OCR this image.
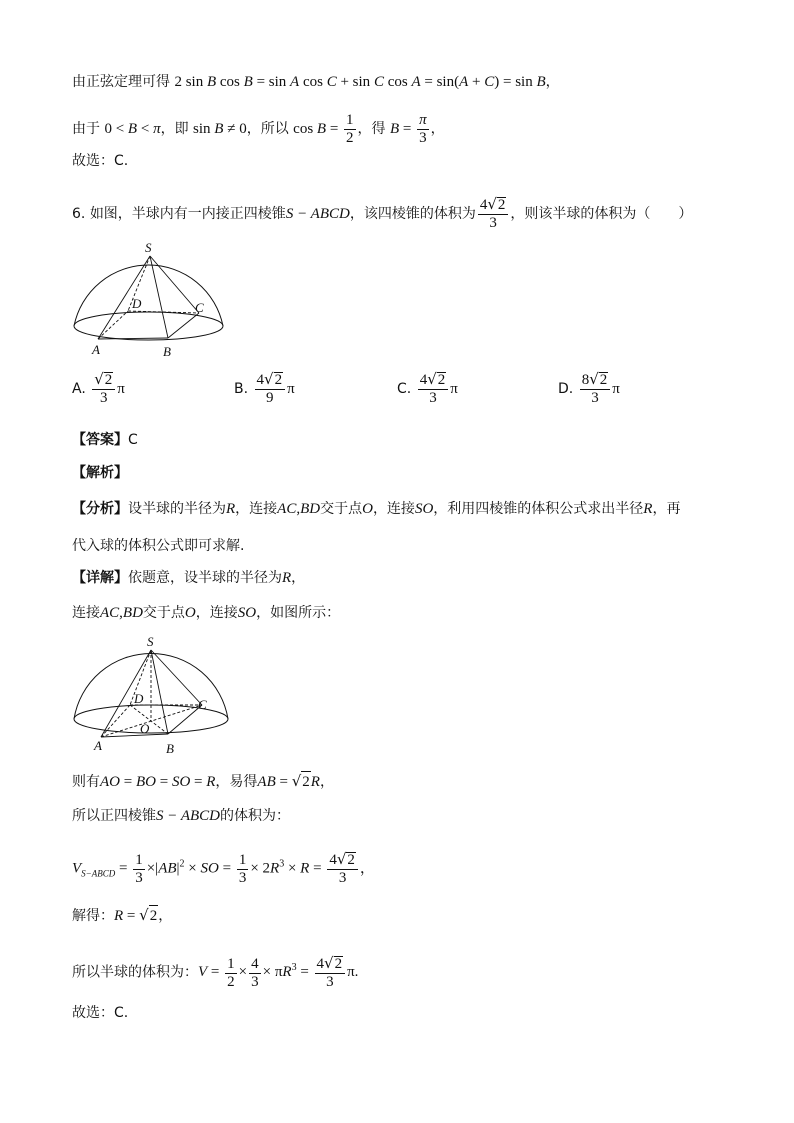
由正弦定理可得 2 sin B cos B = sin A cos C + sin C cos A = sin(A + C) = sin B，
由于 0 < B < π，即 sin B ≠ 0，所以 $\cos B = \frac{1}{2}$ ，得 $B = \frac{\pi}{3}$ ，
故选：C.
6. 如图，半球内有一内接正四棱锥S − ABCD，该四棱锥的体积为 $\frac{4√2}{3}$ ，则该半球的体积为（　　）
S
D	C
A	B
A. $\frac{√2}{3}$ π	B. $\frac{4√2}{9}$ π	C. $\frac{4√2}{3}$ π	D. $\frac{8√2}{3}$ π
【答案】C
【解析】
【分析】设半球的半径为R，连接AC,BD交于点O，连接SO，利用四棱锥的体积公式求出半径R，再
代入球的体积公式即可求解.
【详解】依题意，设半球的半径为R，
连接AC,BD交于点O，连接SO，如图所示：
S
D	C
O
A	B
则有AO = BO = SO = R，易得AB = √2R，
所以正四棱锥S − ABCD的体积为：
$V_{S-ABCD} = \frac{1}{3} \times|AB|^2$ × SO = $\frac{1}{3} \times 2R^3 \times R = \frac{4√2}{3}$ ，
解得：R = √2，
所以半球的体积为：$V = \frac{1}{2} \times \frac{4}{3} \times \pi R^3 = \frac{4√2}{3} \pi$.
故选：C.
